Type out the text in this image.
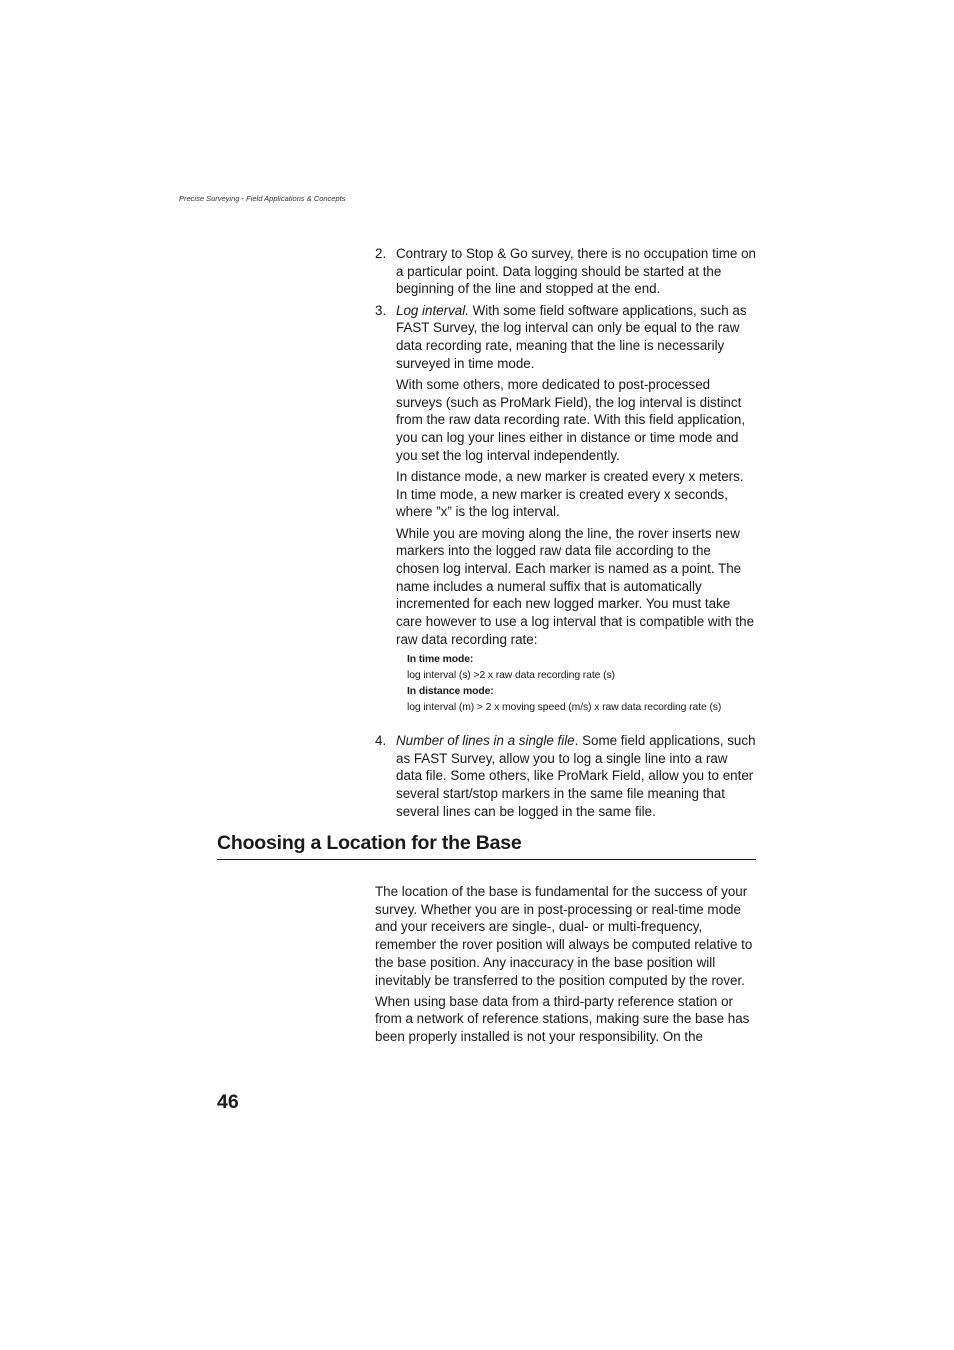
Precise Surveying - Field Applications & Concepts
2. Contrary to Stop & Go survey, there is no occupation time on a particular point. Data logging should be started at the beginning of the line and stopped at the end.

3. Log interval. With some field software applications, such as FAST Survey, the log interval can only be equal to the raw data recording rate, meaning that the line is necessarily surveyed in time mode.

With some others, more dedicated to post-processed surveys (such as ProMark Field), the log interval is distinct from the raw data recording rate. With this field application, you can log your lines either in distance or time mode and you set the log interval independently.

In distance mode, a new marker is created every x meters. In time mode, a new marker is created every x seconds, where ”x” is the log interval.

While you are moving along the line, the rover inserts new markers into the logged raw data file according to the chosen log interval. Each marker is named as a point. The name includes a numeral suffix that is automatically incremented for each new logged marker. You must take care however to use a log interval that is compatible with the raw data recording rate:

In time mode:
log interval (s) >2 x raw data recording rate (s)
In distance mode:
log interval (m) > 2 x moving speed (m/s) x raw data recording rate (s)
4. Number of lines in a single file. Some field applications, such as FAST Survey, allow you to log a single line into a raw data file. Some others, like ProMark Field, allow you to enter several start/stop markers in the same file meaning that several lines can be logged in the same file.

Choosing a Location for the Base

The location of the base is fundamental for the success of your survey. Whether you are in post-processing or real-time mode and your receivers are single-, dual- or multi-frequency, remember the rover position will always be computed relative to the base position. Any inaccuracy in the base position will inevitably be transferred to the position computed by the rover.

When using base data from a third-party reference station or from a network of reference stations, making sure the base has been properly installed is not your responsibility. On the

46
